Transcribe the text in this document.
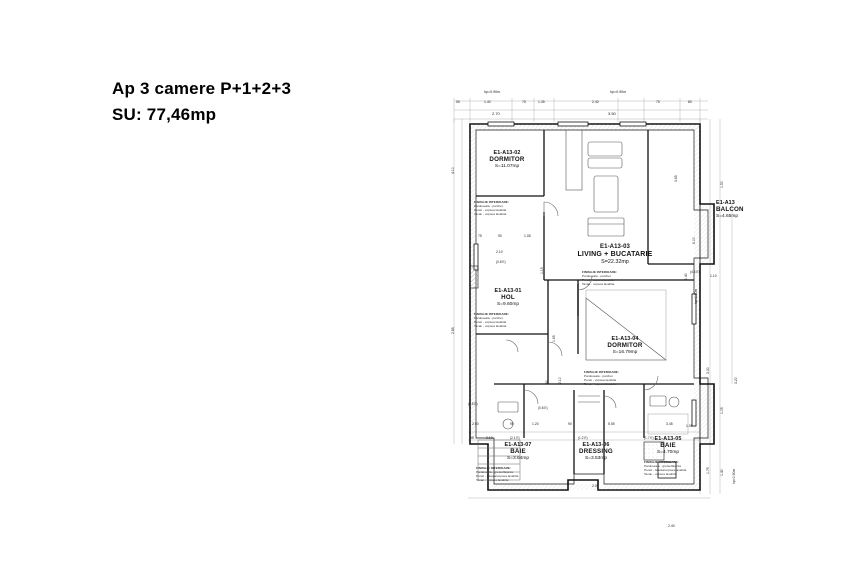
Ap 3 camere P+1+2+3
SU: 77,46mp
hp=0.90m	hp=0.90m
55	1.40	75	1.35	2.40	75	80
2.70	3.50
4.10
1.15
2.85
1.65
2.10
90
1.50
6.00
3.65
1.40
hp=0.90m
3.20
3.30
1.05
1.75	1.40 hp=0.90m
75	90	1.05
2.10
(0.8 E)
2.00	90	1.20	90	5.55	3.45
95	2.10
2.00
1.05
(0.5 E)
(0.8 E)
(2.1 E)	(1.2 E)	(1.7 E)
(4.4 E)
1.10
2.40
E1-A13-02
DORMITOR
S=11.07mp
FINISAJE INTERIOARE:
Pardoseala - parchet
Pereti - vopsea lavabila
Tavan - vopsea lavabila
E1-A13-03
LIVING + BUCATARIE
S=22.32mp
FINISAJE INTERIOARE:
Pardoseala - parchet
Pereti - vopsea lavabila
Tavan - vopsea lavabila
E1-A13-01
HOL
S=9.60mp
FINISAJE INTERIOARE:
Pardoseala - parchet
Pereti - vopsea lavabila
Tavan - vopsea lavabila
E1-A13-04
DORMITOR
S=16.79mp
FINISAJE INTERIOARE:
Pardoseala - parchet
Pereti - vopsea lavabila
Tavan - vopsea lavabila
E1-A13
BALCON
S=4.65mp
E1-A13-05
BAIE
S=4.70mp
FINISAJE INTERIOARE:
Pardoseala - gresie/faianta
Pereti - faianta/vopsea lavabila
Tavan - vopsea lavabila
E1-A13-06
DRESSING
S=3.53mp
E1-A13-07
BAIE
S=3.64mp
FINISAJE INTERIOARE:
Pardoseala - gresie/faianta
Pereti - faianta/vopsea lavabila
Tavan - vopsea lavabila
